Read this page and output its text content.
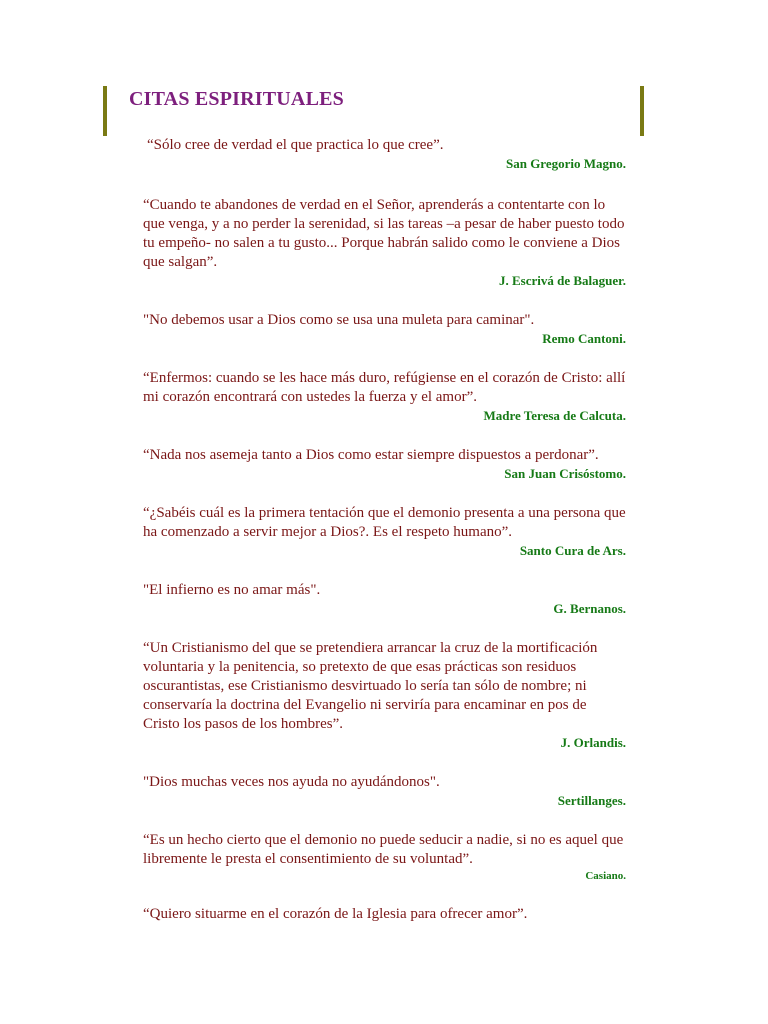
CITAS ESPIRITUALES

“Sólo cree de verdad el que practica lo que cree”.

San Gregorio Magno.

“Cuando te abandones de verdad en el Señor, aprenderás a contentarte con lo que venga, y a no perder la serenidad, si las tareas –a pesar de haber puesto todo tu empeño- no salen a tu gusto... Porque habrán salido como le conviene a Dios que salgan”.

J. Escrivá de Balaguer.

"No debemos usar a Dios como se usa una muleta para caminar".

Remo Cantoni.

“Enfermos: cuando se les hace más duro, refúgiense en el corazón de Cristo: allí mi corazón encontrará con ustedes la fuerza y el amor”.

Madre Teresa de Calcuta.

“Nada nos asemeja tanto a Dios como estar siempre dispuestos a perdonar”.

San Juan Crisóstomo.

“¿Sabéis cuál es la primera tentación que el demonio presenta a una persona que ha comenzado a servir mejor a Dios?. Es el respeto humano”.

Santo Cura de Ars.

"El infierno es no amar más".

G. Bernanos.

“Un Cristianismo del que se pretendiera arrancar la cruz de la mortificación voluntaria y la penitencia, so pretexto de que esas prácticas son residuos oscurantistas, ese Cristianismo desvirtuado lo sería tan sólo de nombre; ni conservaría la doctrina del Evangelio ni serviría para encaminar en pos de Cristo los pasos de los hombres”.

J. Orlandis.

"Dios muchas veces nos ayuda no ayudándonos".

Sertillanges.

“Es un hecho cierto que el demonio no puede seducir a nadie, si no es aquel que libremente le presta el consentimiento de su voluntad”.

Casiano.

“Quiero situarme en el corazón de la Iglesia para ofrecer amor”.
